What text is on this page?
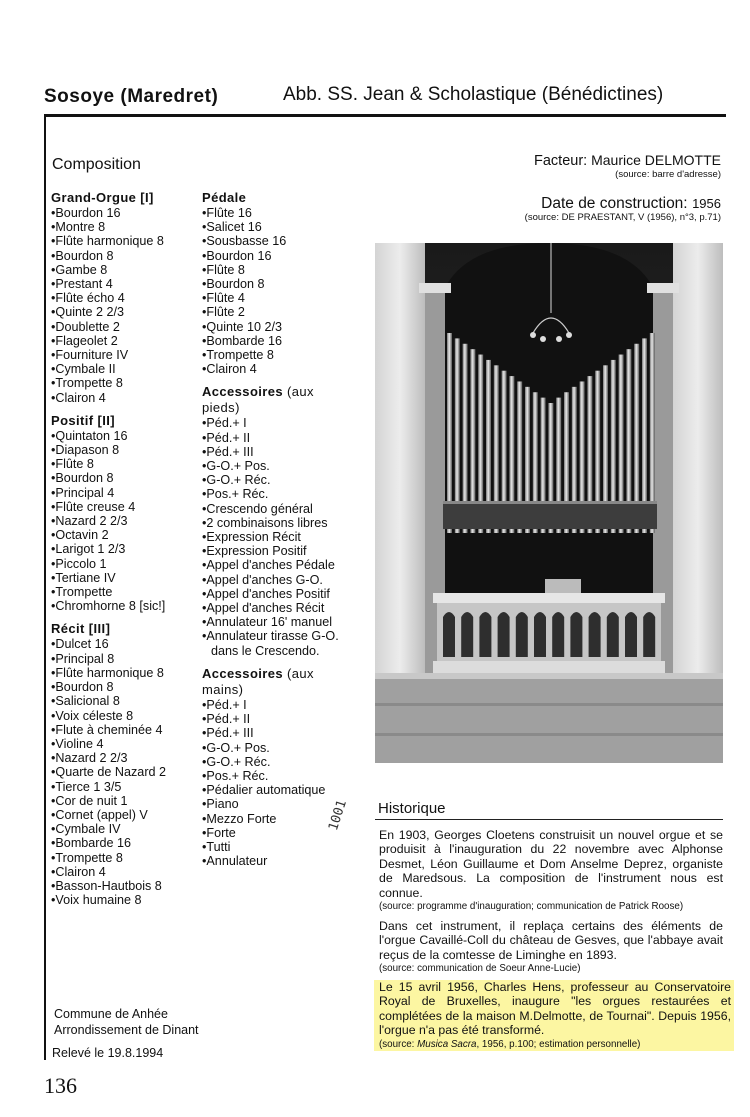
Sosoye (Maredret)	Abb. SS. Jean & Scholastique (Bénédictines)
Composition
Grand-Orgue [I]
•Bourdon 16
•Montre 8
•Flûte harmonique 8
•Bourdon 8
•Gambe 8
•Prestant 4
•Flûte écho 4
•Quinte 2 2/3
•Doublette 2
•Flageolet 2
•Fourniture IV
•Cymbale II
•Trompette 8
•Clairon 4
Positif [II]
•Quintaton 16
•Diapason 8
•Flûte 8
•Bourdon 8
•Principal 4
•Flûte creuse 4
•Nazard 2 2/3
•Octavin 2
•Larigot 1 2/3
•Piccolo 1
•Tertiane IV
•Trompette
•Chromhorne 8 [sic!]
Récit [III]
•Dulcet 16
•Principal 8
•Flûte harmonique 8
•Bourdon 8
•Salicional 8
•Voix céleste 8
•Flute à cheminée 4
•Violine 4
•Nazard 2 2/3
•Quarte de Nazard 2
•Tierce 1 3/5
•Cor de nuit 1
•Cornet (appel) V
•Cymbale IV
•Bombarde 16
•Trompette 8
•Clairon 4
•Basson-Hautbois 8
•Voix humaine 8
Pédale
•Flûte 16
•Salicet 16
•Sousbasse 16
•Bourdon 16
•Flûte 8
•Bourdon 8
•Flûte 4
•Flûte 2
•Quinte 10 2/3
•Bombarde 16
•Trompette 8
•Clairon 4
Accessoires (aux pieds)
•Péd.+ I
•Péd.+ II
•Péd.+ III
•G-O.+ Pos.
•G-O.+ Réc.
•Pos.+ Réc.
•Crescendo général
•2 combinaisons libres
•Expression Récit
•Expression Positif
•Appel d'anches Pédale
•Appel d'anches G-O.
•Appel d'anches Positif
•Appel d'anches Récit
•Annulateur 16' manuel
•Annulateur tirasse G-O. dans le Crescendo.
Accessoires (aux mains)
•Péd.+ I
•Péd.+ II
•Péd.+ III
•G-O.+ Pos.
•G-O.+ Réc.
•Pos.+ Réc.
•Pédalier automatique
•Piano
•Mezzo Forte
•Forte
•Tutti
•Annulateur
Facteur: Maurice DELMOTTE
(source: barre d'adresse)
Date de construction: 1956
(source: DE PRAESTANT, V (1956), n°3, p.71)
Historique
En 1903, Georges Cloetens construisit un nouvel orgue et se produisit à l'inauguration du 22 novembre avec Alphonse Desmet, Léon Guillaume et Dom Anselme Deprez, organiste de Maredsous. La composition de l'instrument nous est connue.
(source: programme d'inauguration; communication de Patrick Roose)
Dans cet instrument, il replaça certains des éléments de l'orgue Cavaillé-Coll du château de Gesves, que l'abbaye avait reçus de la comtesse de Liminghe en 1893.
(source: communication de Soeur Anne-Lucie)
Le 15 avril 1956, Charles Hens, professeur au Conservatoire Royal de Bruxelles, inaugure "les orgues restaurées et complétées de la maison M.Delmotte, de Tournai". Depuis 1956, l'orgue n'a pas été transformé.
(source: Musica Sacra, 1956, p.100; estimation personnelle)
1001
Commune de Anhée
Arrondissement de Dinant
Relevé le 19.8.1994
136
